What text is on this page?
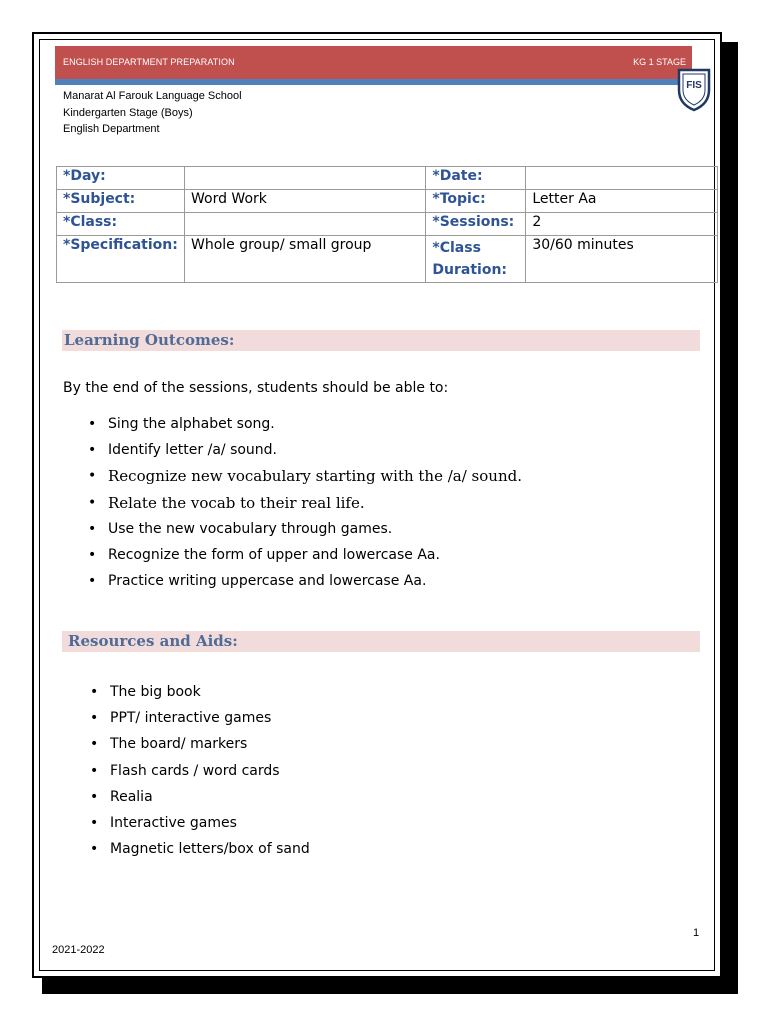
ENGLISH DEPARTMENT PREPARATION	KG 1 STAGE
FIS
Manarat Al Farouk Language School
Kindergarten Stage (Boys)
English Department
*Day:		*Date:	
*Subject:	Word Work	*Topic:	Letter Aa
*Class:		*Sessions:	2
*Specification:	Whole group/ small group	*Class Duration:	30/60 minutes
Learning Outcomes:
By the end of the sessions, students should be able to:
• Sing the alphabet song.
• Identify letter /a/ sound.
• Recognize new vocabulary starting with the /a/ sound.
• Relate the vocab to their real life.
• Use the new vocabulary through games.
• Recognize the form of upper and lowercase Aa.
• Practice writing uppercase and lowercase Aa.
Resources and Aids:
• The big book
• PPT/ interactive games
• The board/ markers
• Flash cards / word cards
• Realia
• Interactive games
• Magnetic letters/box of sand
1
2021-2022
